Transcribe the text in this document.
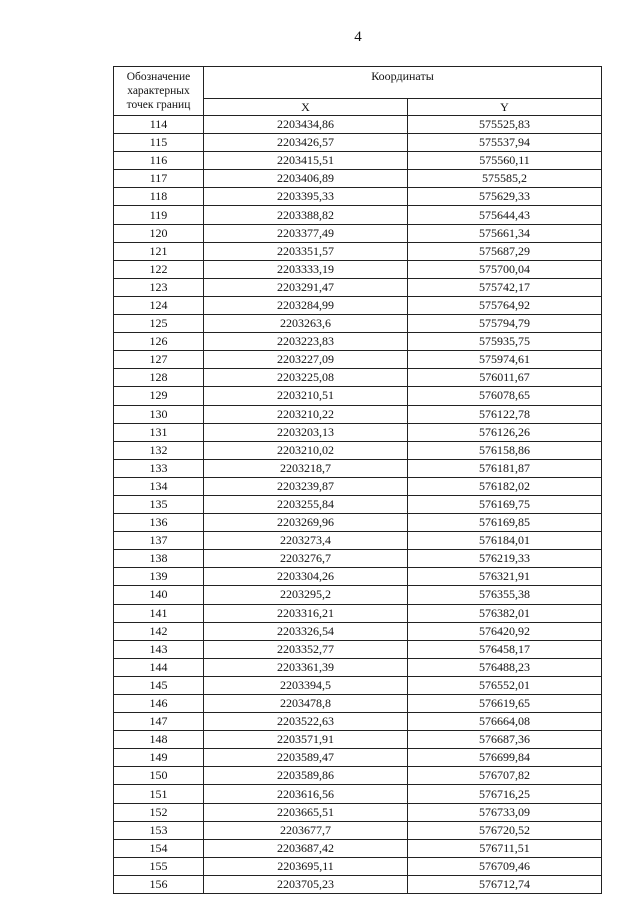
4
Обозначение
характерных
точек границ	Координаты	
	X	Y
114	2203434,86	575525,83
115	2203426,57	575537,94
116	2203415,51	575560,11
117	2203406,89	575585,2
118	2203395,33	575629,33
119	2203388,82	575644,43
120	2203377,49	575661,34
121	2203351,57	575687,29
122	2203333,19	575700,04
123	2203291,47	575742,17
124	2203284,99	575764,92
125	2203263,6	575794,79
126	2203223,83	575935,75
127	2203227,09	575974,61
128	2203225,08	576011,67
129	2203210,51	576078,65
130	2203210,22	576122,78
131	2203203,13	576126,26
132	2203210,02	576158,86
133	2203218,7	576181,87
134	2203239,87	576182,02
135	2203255,84	576169,75
136	2203269,96	576169,85
137	2203273,4	576184,01
138	2203276,7	576219,33
139	2203304,26	576321,91
140	2203295,2	576355,38
141	2203316,21	576382,01
142	2203326,54	576420,92
143	2203352,77	576458,17
144	2203361,39	576488,23
145	2203394,5	576552,01
146	2203478,8	576619,65
147	2203522,63	576664,08
148	2203571,91	576687,36
149	2203589,47	576699,84
150	2203589,86	576707,82
151	2203616,56	576716,25
152	2203665,51	576733,09
153	2203677,7	576720,52
154	2203687,42	576711,51
155	2203695,11	576709,46
156	2203705,23	576712,74
